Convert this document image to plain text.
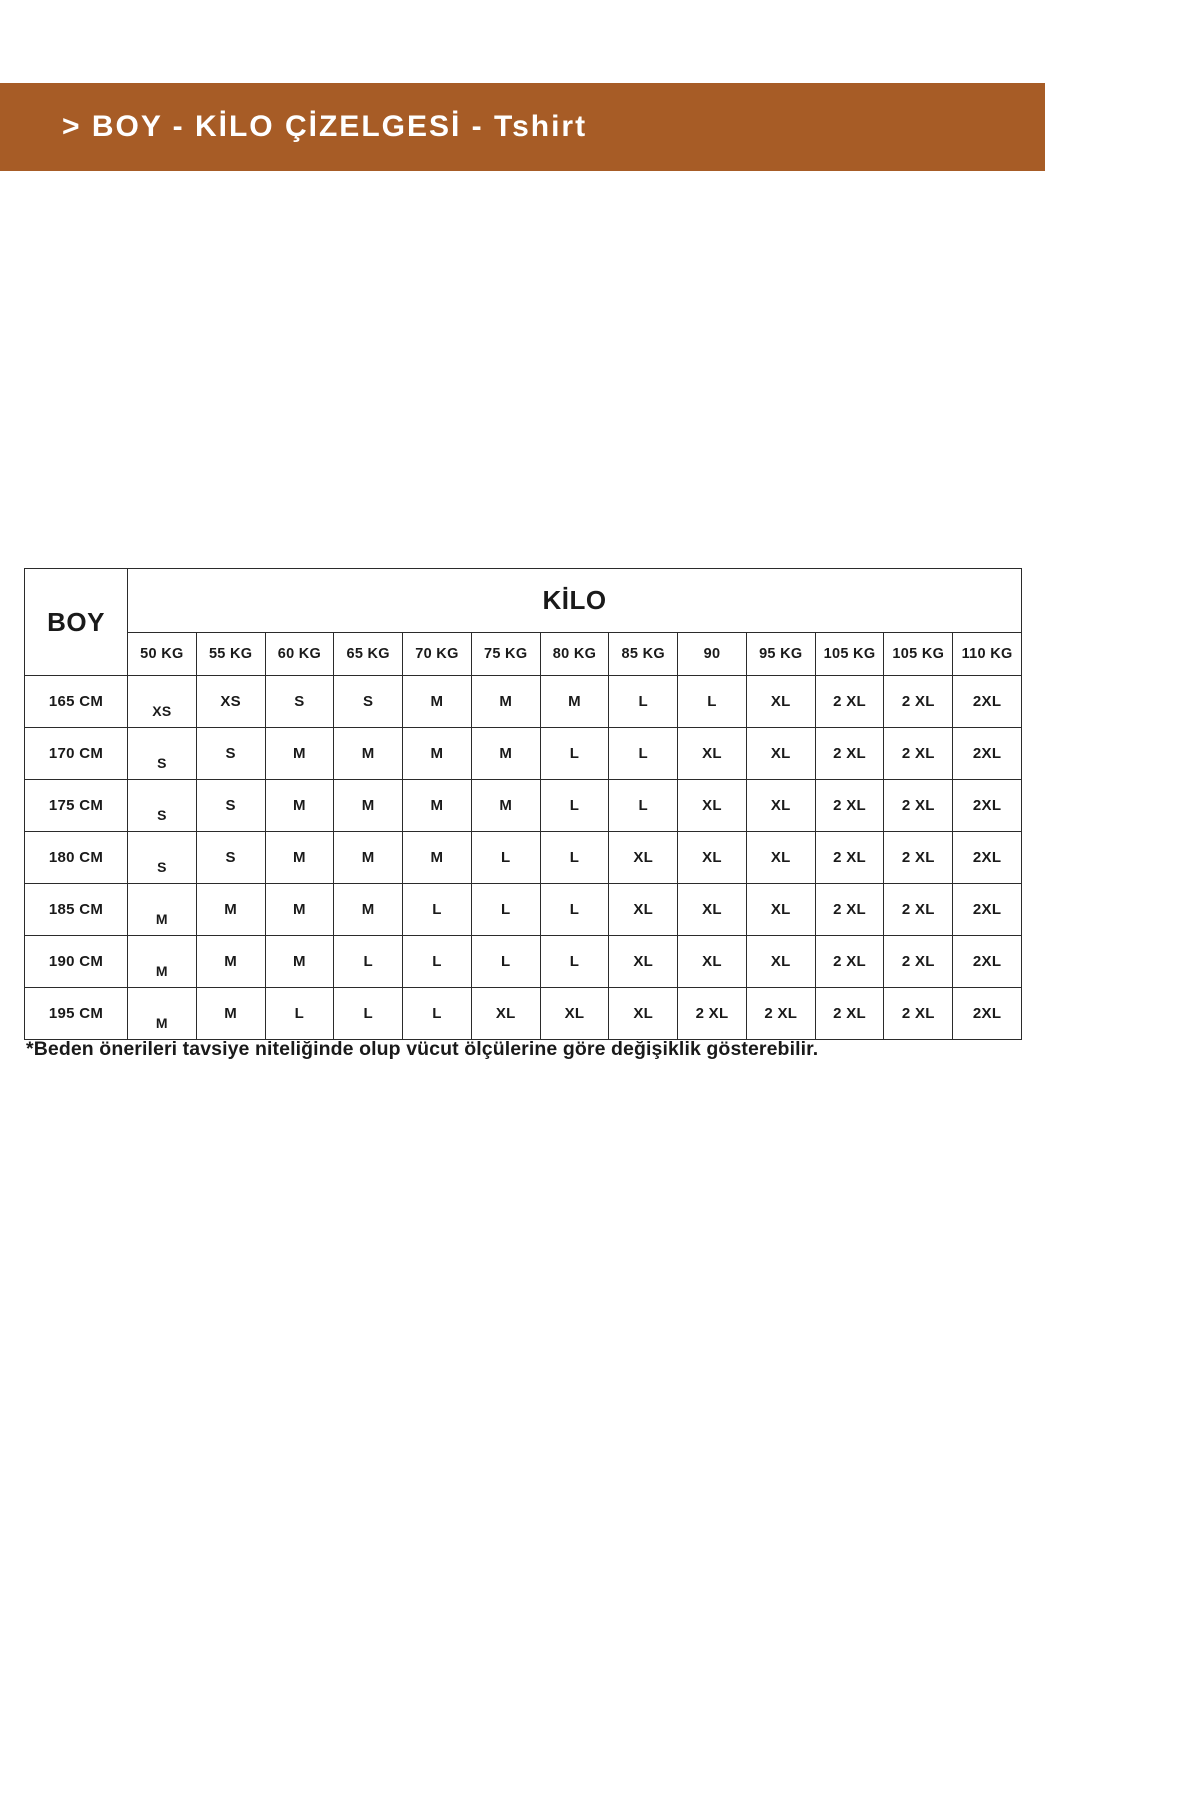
> BOY - KİLO ÇİZELGESİ - Tshirt
BOY	KİLO												
	50 KG	55 KG	60 KG	65 KG	70 KG	75 KG	80 KG	85 KG	90	95 KG	105 KG	105 KG	110 KG
165 CM	XS	XS	S	S	M	M	M	L	L	XL	2 XL	2 XL	2XL
170 CM	S	S	M	M	M	M	L	L	XL	XL	2 XL	2 XL	2XL
175 CM	S	S	M	M	M	M	L	L	XL	XL	2 XL	2 XL	2XL
180 CM	S	S	M	M	M	L	L	XL	XL	XL	2 XL	2 XL	2XL
185 CM	M	M	M	M	L	L	L	XL	XL	XL	2 XL	2 XL	2XL
190 CM	M	M	M	L	L	L	L	XL	XL	XL	2 XL	2 XL	2XL
195 CM	M	M	L	L	L	XL	XL	XL	2 XL	2 XL	2 XL	2 XL	2XL
*Beden önerileri tavsiye niteliğinde olup vücut ölçülerine göre değişiklik gösterebilir.
